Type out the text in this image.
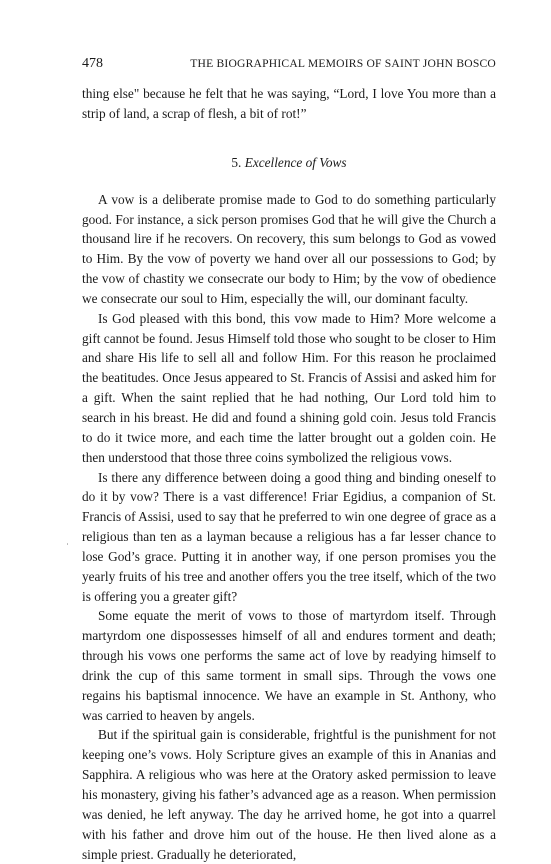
478	THE BIOGRAPHICAL MEMOIRS OF SAINT JOHN BOSCO

thing else" because he felt that he was saying, “Lord, I love You more than a strip of land, a scrap of flesh, a bit of rot!”

5. Excellence of Vows

A vow is a deliberate promise made to God to do something particularly good. For instance, a sick person promises God that he will give the Church a thousand lire if he recovers. On recovery, this sum belongs to God as vowed to Him. By the vow of poverty we hand over all our possessions to God; by the vow of chastity we consecrate our body to Him; by the vow of obedience we consecrate our soul to Him, especially the will, our dominant faculty.

Is God pleased with this bond, this vow made to Him? More welcome a gift cannot be found. Jesus Himself told those who sought to be closer to Him and share His life to sell all and follow Him. For this reason he proclaimed the beatitudes. Once Jesus appeared to St. Francis of Assisi and asked him for a gift. When the saint replied that he had nothing, Our Lord told him to search in his breast. He did and found a shining gold coin. Jesus told Francis to do it twice more, and each time the latter brought out a golden coin. He then understood that those three coins symbolized the religious vows.

Is there any difference between doing a good thing and binding oneself to do it by vow? There is a vast difference! Friar Egidius, a companion of St. Francis of Assisi, used to say that he preferred to win one degree of grace as a religious than ten as a layman because a religious has a far lesser chance to lose God’s grace. Putting it in another way, if one person promises you the yearly fruits of his tree and another offers you the tree itself, which of the two is offering you a greater gift?

Some equate the merit of vows to those of martyrdom itself. Through martyrdom one dispossesses himself of all and endures torment and death; through his vows one performs the same act of love by readying himself to drink the cup of this same torment in small sips. Through the vows one regains his baptismal innocence. We have an example in St. Anthony, who was carried to heaven by angels.

But if the spiritual gain is considerable, frightful is the punishment for not keeping one’s vows. Holy Scripture gives an example of this in Ananias and Sapphira. A religious who was here at the Oratory asked permission to leave his monastery, giving his father’s advanced age as a reason. When permission was denied, he left anyway. The day he arrived home, he got into a quarrel with his father and drove him out of the house. He then lived alone as a simple priest. Gradually he deteriorated,

˙
